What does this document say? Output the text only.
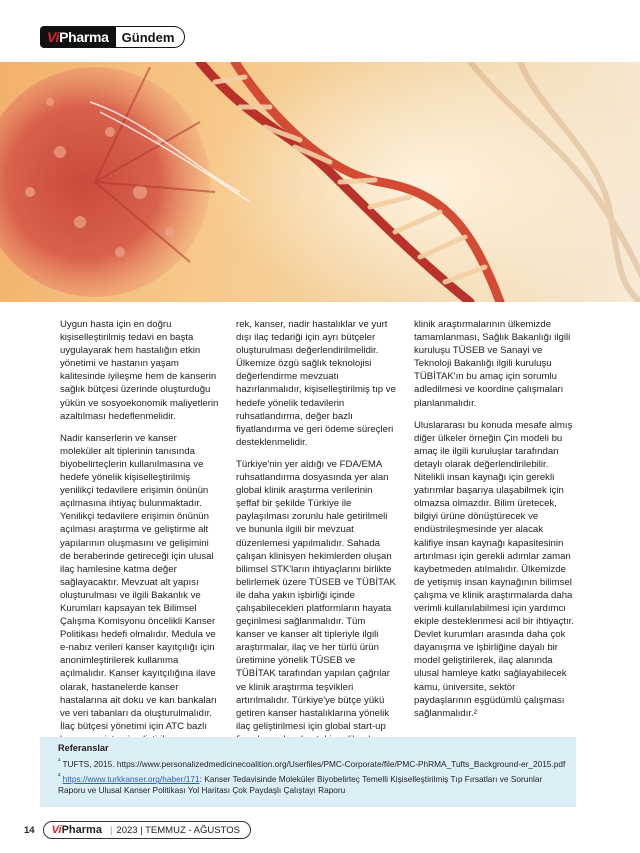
Vi Pharma	Gündem

Uygun hasta için en doğru kişiselleştirilmiş tedavi en başta uygulayarak hem hastalığın etkin yönetimi ve hastanın yaşam kalitesinde iyileşme hem de kanserin sağlık bütçesi üzerinde oluşturduğu yükün ve sosyoekonomik maliyetlerin azaltılması hedeflenmelidir.

Nadir kanserlerin ve kanser moleküler alt tiplerinin tanısında biyobelirteçlerin kullanılmasına ve hedefe yönelik kişiselleştirilmiş yenilikçi tedavilere erişimin önünün açılmasına ihtiyaç bulunmaktadır. Yenilikçi tedavilere erişimin önünün açılması araştırma ve geliştirme alt yapılarının oluşmasını ve gelişimini de beraberinde getireceği için ulusal ilaç hamlesine katma değer sağlayacaktır. Mevzuat alt yapısı oluşturulması ve ilgili Bakanlık ve Kurumları kapsayan tek Bilimsel Çalışma Komisyonu öncelikli Kanser Politikası hedefi olmalıdır. Medula ve e-nabız verileri kanser kayıtçılığı için anonimleştirilerek kullanıma açılmalıdır. Kanser kayıtçılığına ilave olarak, hastanelerde kanser hastalarına ait doku ve kan bankaları ve veri tabanları da oluşturulmalıdır. İlaç bütçesi yönetimi için ATC bazlı

rek, kanser, nadir hastalıklar ve yurt dışı ilaç tedariği için ayrı bütçeler oluşturulması değerlendirilmelidir. Ülkemize özgü sağlık teknolojisi değerlendirme mevzuatı hazırlanmalıdır, kişiselleştirilmiş tıp ve hedefe yönelik tedavilerin ruhsatlandırma, değer bazlı fiyatlandırma ve geri ödeme süreçleri desteklenmelidir.

Türkiye'nin yer aldığı ve FDA/EMA ruhsatlandırma dosyasında yer alan global klinik araştırma verilerinin şeffaf bir şekilde Türkiye ile paylaşılması zorunlu hale getirilmeli ve bununla ilgili bir mevzuat düzenlemesi yapılmalıdır. Sahada çalışan klinisyen hekimlerden oluşan bilimsel STK'ların ihtiyaçlarını birlikte belirlemek üzere TÜSEB ve TÜBİTAK ile daha yakın işbirliği içinde çalışabilecekleri platformların hayata geçirilmesi sağlanmalıdır. Tüm kanser ve kanser alt tipleriyle ilgili araştırmalar, ilaç ve her türlü ürün üretimine yönelik TÜSEB ve TÜBİTAK tarafından yapılan çağrılar ve klinik araştırma teşvikleri artırılmalıdır. Türkiye'ye bütçe yükü getiren kanser hastalıklarına yönelik ilaç geliştirilmesi için global start-up

klinik araştırmalarının ülkemizde tamamlanması, Sağlık Bakanlığı ilgili kuruluşu TÜSEB ve Sanayi ve Teknoloji Bakanlığı ilgili kuruluşu TÜBİTAK'ın bu amaç için sorumlu adledilmesi ve koordine çalışmaları planlanmalıdır.

Uluslararası bu konuda mesafe almış diğer ülkeler örneğin Çin modeli bu amaç ile ilgili kuruluşlar tarafından detaylı olarak değerlendirilebilir. Nitelikli insan kaynağı için gerekli yatırımlar başarıya ulaşabilmek için olmazsa olmazdır. Bilim üretecek, bilgiyi ürüne dönüştürecek ve endüstrileşmesinde yer alacak kalifiye insan kaynağı kapasitesinin artırılması için gerekli adımlar zaman kaybetmeden atılmalıdır. Ülkemizde de yetişmiş insan kaynağının bilimsel çalışma ve klinik araştırmalarda daha verimli kullanılabilmesi için yardımcı ekiple desteklenmesi acil bir ihtiyaçtır. Devlet kurumları arasında daha çok dayanışma ve işbirliğine dayalı bir model geliştirilerek, ilaç alanında ulusal hamleye katkı sağlayabilecek kamu, üniversite, sektör paydaşlarının eşgüdümlü çalışması sağlanmalıdır.²

Referanslar
$^{^1}$ TUFTS, 2015. https://www.personalizedmedicinecoalition.org/Userfiles/PMC-Corporate/file/PMC-PhRMA_Tufts_Background-er_2015.pdf
$^{^2}$ https://www.turkkanser.org/haber/171: Kanser Tedavisinde Moleküler Biyobelirteç Temelli Kişiselleştirilmiş Tıp Fırsatları ve Sorunlar Raporu ve Ulusal Kanser Politikası Yol Haritası Çok Paydaşlı Çalıştayı Raporu
14 ViPharma | 2023 | TEMMUZ - AĞUSTOS
